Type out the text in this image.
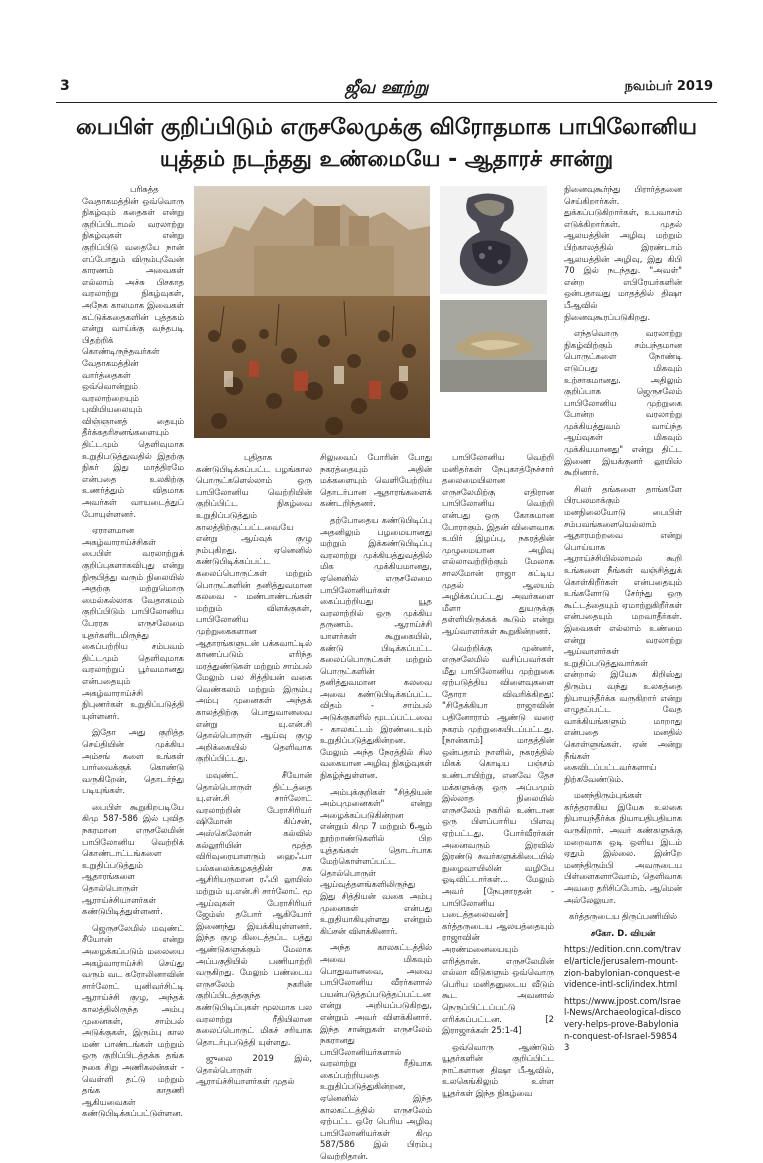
3	ஜீவ ஊற்று	நவம்பர் 2019
பைபிள் குறிப்பிடும் எருசலேமுக்கு விரோதமாக பாபிலோனிய
யுத்தம் நடந்தது உண்மையே - ஆதாரச் சான்று

பரிசுத்த வேதாகமத்தின் ஒவ்வொரு நிகழ்வும் கதைகள் என்று குறிப்பிடாமல் வரலாற்று நிகழ்வுகள் என்று குறிப்பிடு வதையே நான் எப்போதும் விரும்புவேன் காரணம் அவைகள் எல்லாம் அச்சு பிசகாத வரலாற்று நிகழ்வுகள், அநேக காலமாக இவைகள் கட்டுக்கதைகளின் புத்தகம் என்று வாய்க்கு வந்தபடி பிதற்றிக் கொண்டிருந்தவர்கள் வேதாகமத்தின் வார்த்தைகள் ஒவ்வொன்றும் வரலாற்றையும் புவியியலையும் விஞ்ஞானத் தையும் தீர்க்கதரிசனங்களையும் திட்டமும் தெளிவுமாக உறுதிபடுத்துவதில் இதற்கு நிகர் இது மாத்திரமே என்பதை உலகிற்கு உணர்த்தும் விதமாக அவர்கள் வாயடைத்துப் போயுள்ளனர்.

ஏராளமான அகழ்வாராய்ச்சிகள் பைபிள் வரலாற்றுக் குறிப்புகளாகவிபுது என்று நிரூபித்து வரும் நிலையில் அதற்கு மற்றுமொரு மைல்கல்லாக வேதாகமம் குறிப்பிடும் பாபிலோனிய பேரரசு எருசலேமை யுதர்களிடமிருந்து கைப்பற்றிய சம்பவம் திட்டமும் தெளிவுமாக வரலாற்றுப் பூர்வமானது என்பதையும் அகழ்வாராய்ச்சி நிபுணர்கள் உறுதிப்படுத்தி யுள்ளனர்.

இதோ அது குறித்த செய்தியின் முக்கிய அம்சங் களை உங்கள் பார்வைக்குக் கொண்டு வருகிறேன், தொடர்ந்து படியுங்கள்.

பைபிள் கூறுகிறபடியே கிமு 587-586 இல் புவித நகரமான எருசலேமின் பாபிலோனிய வெற்றிக் கொண்டாட்டங்களை உறுதிப்படுத்தும் ஆதாரங்களை தொல்பொருள் ஆராய்ச்சியாளர்கள் கண்டுபிடித்துள்ளனர்.

ஜெருசலேமில் மவுண்ட் சீயோன் என்று அழைக்கப்படும் மலையை அகழ்வாராய்ச்சி செய்து வரும் வட கரோலினாவின் சார்லோட் யுனிவர்சிட்டி ஆராய்ச்சி குழு, அந்தக் காலத்திலிருந்த அம்பு முனைகள், சாம்பல் அடுக்குகள், இரும்பு கால மண் பாண்டங்கள் மற்றும் ஒரு குறிப்பிடத்தக்க தங்க நகை சிறு அணிகலன்கள் - வெள்ளி தட்டு மற்றும் தங்க காதணி ஆகியவைகள் கண்டுபிடிக்கப்பட்டுள்ளன.

புதிதாக கண்டுபிடிக்கப்பட்ட பழங்கால பொருட்களெல்லாம் ஒரு பாபிலோனிய வெற்றியின் குறிப்பிட்ட நிகழ்வை உறுதிப்படுத்தும் காலத்திற்குட்பட்டவையே என்று ஆய்வுக் குழு நம்புகிறது. ஏனெனில் கண்டுபிடிக்கப்பட்ட கலைப்பொருட்கள் மற்றும் பொருட்களின் தனித்துவமான கலவை - மண்பாண்டங்கள் மற்றும் விளக்குகள், பாபிலோனிய முற்றுகைகளான ஆதாரங்களுடன் பக்கவாட்டில் காணப்படும் எரிந்த மரத்துண்டுகள் மற்றும் சாம்பல் மேலும் பல சித்தியன் வகை வெண்கலம் மற்றும் இரும்பு அம்பு முனைகள் அந்தக் காலத்திற்கு பொதுவானவை என்று யு.என்.சி தொல்பொருள் ஆய்வு குழு அறிக்கையில் தெளிவாக குறிப்பிட்டது.

மவுண்ட் சீயோன் தொல்பொருள் திட்டத்தை யு.என்.சி சார்லோட் வரலாற்றின் பேராசிரியர் ஷிமோன் கிப்சன், அஸ்கெலோன் கல்வில் கல்லூரியின் மூத்த விரிவுரையாளரும் ஹைஃபா பல்கலைக்கழகத்தின் சக ஆசிரியருமான ரஃபி லூயிஸ் மற்றும் யு.என்.சி சார்லோட் மூ ஆய்வுகள் பேராசிரியர் ஜேம்ஸ் தபோர் ஆகியோர் இணைந்து இயக்கியுள்ளனர். இந்த குழு கிடைத்தப்ட பத்து ஆண்டுகளுக்கும் மேலாக அப்பகுதியில் பணியாற்றி வருகிறது. மேலும் பண்டைய எருசலேம் நகரின் குறிப்பிடத்தகுந்த கண்டுபிடிப்புகள் மூலமாக பல வரலாற்று ரீதியிலான கலைப்பொருட் மிகச் சரியாக தொடர்புபடுத்தி யுள்ளது.

ஜுலை 2019 இல், தொல்பொருள் ஆராய்ச்சியாளர்கள் முதல்

சிலுவைப் போரின் போது நகரத்தையும் அதின் மக்களையும் வெளியேற்றிய தொடர்பான ஆதாரங்களைக் கண்டறிந்தனர்.

தற்போதைய கண்டுபிடிப்பு அதனிலும் பழமையானது மற்றும் இக்கண்டுபிடிப்பு வரலாற்று முக்கியத்துவத்தில் மிக முக்கியமானது, ஏனெனில் எருசலேமை பாபிலோனியர்கள் கைப்பற்றியது யூத வரலாற்றில் ஒரு முக்கிய தருணம். ஆராய்ச்சி யாளர்கள் கூறுகையில், கண்டு பிடிக்கப்பட்ட கலைப்பொருட்கள் மற்றும் பொருட்களின் தனித்துவமான கலவை அவை கண்டுபிடிக்கப்பட்ட விதம் - சாம்பல் அடுக்குகளில் மூடப்பட்டவை - காலகட்டம் இரண்டையும் உறுதிப்படுத்துகின்றன. மேலும் அந்த நேரத்தில் சில வகையான அழிவு நிகழ்வுகள் நிகழ்ந்துள்ளன.

அம்புக்குறிகள் "சித்தியன் அம்புமுனைகள்" என்று அழைக்கப்படுகின்றன என்றும் கிமு 7 மற்றும் 6ஆம் நூற்றாண்டுகளில் பிற யுத்தங்கள் தொடர்பாக மேற்கொள்ளப்பட்ட தொல்பொருள் ஆய்வுத்தளங்களிலிருந்து இது சித்தியன் வகை அம்பு முனைகள் என்பது உறுதியாகியுள்ளது என்றும் கிப்சன் விளக்கினார்.

அந்த காலகட்டத்தில் அவை மிகவும் பொதுவானவை, அவை பாபிலோனிய வீரர்களால் பயன்படுத்தப்படுத்தப்பட்டன என்று அறியப்படுகிறது, என்றும் அவர் விளக்கினார். இந்த சான்றுகள் எருசலேம் நகரானது பாபிலோனியர்களால் வரலாற்று ரீதியாக கைப்பற்றியதை உறுதிப்படுத்துகின்றன, ஏனெனில் இந்த காலகட்டத்தில் எருசலேம் ஏற்பட்ட ஒரே பெரிய அழிவு பாபிலோனியர்கள் கிமு 587/586 இல் பிரம்பு வெற்றிதான்.

பாபிலோனிய வெற்றி மனிதர்கள் நேபுகாத்நேச்சார் தலைமையிலான எருசலேமிற்கு எதிரான பாபிலோனிய வெற்றி என்பது ஒரு கோசுமான போராகும். இதன் விளைவாக உயிர் இழப்பு, நகரத்தின் முழுமையான அழிவு எல்லாவற்றிற்கும் மேலாக சாலமோன் ராஜா கட்டிய முதல் ஆலயம் அழிக்கப்பட்டது அவர்களை மீளா துயருக்கு தள்ளியிருக்கக் கூடும் என்று ஆய்வாளர்கள் கூறுகின்றனர்.

வெற்றிக்கு முன்னர், எருசலேமில் வசிப்பவர்கள் மீது பாபிலோனிய முற்றுகை ஏற்படுத்திய விளைவுகளை தோரா விவரிக்கிறது: "சிதேக்கியா ராஜாவின் பதினோராம் ஆண்டு வரை நகரம் முற்றுகையிடப்பட்டது. [நான்காம்] மாதத்தின் ஒன்பதாம் நாளில், நகரத்தில் மிகக் கொடிய பஞ்சம் உண்டாயிற்று, எனவே தேச மக்களுக்கு ஒரு அப்பமும் இல்லாத நிலையில் எருசலேம் நகரில் உண்டான ஒரு பிளப்பாரிய பிளவு ஏற்பட்டது. போர்வீரர்கள் அனைவரும் இரவில் இரண்டு சுவர்களுக்கிடையில் நுழைவாயிலின் வழியே ஓடிவிட்டார்கள்... மேலும் அவர் [நேபுசாரதன் - பாபிலோனிய படைத்தலைவன்] கர்த்தருடைய ஆலயத்தையும் ராஜாவின் அரண்மனையையும் எரித்தான். எருசலேமின் எல்லா வீடுகளும் ஒவ்வொரு பெரிய மனிதனுடைய வீடும் கூட அவனால் நெருப்பிட்டப்பட்டு எரிக்கப்பட்டன. [2 இராஜாக்கள் 25:1-4]

ஒவ்வொரு ஆண்டும் யூதர்களின் குறிப்பிட்ட நாட்களான திஷா பீஆவில், உலகெங்கிலும் உள்ள யூதர்கள் இந்த நிகழ்வை

நினைவுகூர்ந்து பிரார்த்தனை செய்கிறார்கள். துக்கப்படுகிறார்கள், உபவாசம் எடுக்கிறார்கள். முதல் ஆலயத்தின் அழிவு மற்றும் பிற்காலத்தில் இரண்டாம் ஆலயத்தின் அழிவு, இது கிபி 70 இல் நடந்தது. "அவள்" என்ற எபிரேயர்களின் ஒன்பதாவது மாதத்தில் திஷா பீஆவில் நினைவுகூரப்படுகிறது.

எந்தவொரு வரலாற்று நிகழ்விற்கும் சம்பந்தமான பொருட்களை நோண்டி எடுப்பது மிகவும் உற்சாகமானது. அதிலும் குறிப்பாக ஜெருசலேம் பாபிலோனிய முற்றுகை போன்ற வரலாற்று முக்கியத்துவம் வாய்ந்த ஆய்வுகள் மிகவும் முக்கியமானது" என்று திட்ட இணை இயக்குனர் லூயிஸ் கூறினார்.

சிலர் தங்களை தாங்களே பிரபலமாக்கும் மனநிலையோடு பைபிள் சம்பவங்களையெல்லாம் ஆதாரமற்றவை என்று பொய்யாக ஆராய்ச்சியில்லாமல் கூறி உங்களை நீங்கள் வஞ்சித்துக் கொள்கிறீர்கள் என்பதையும் உங்களோடு சேர்ந்து ஒரு கூட்டத்தையும் ஏமாற்றுகிறீர்கள் என்பதையும் மறவாதீர்கள். இவைகள் எல்லாம் உண்மை என்று வரலாற்று ஆய்வாளர்கள் உறுதிப்படுத்துவார்கள் என்றால் இயேசு கிறிஸ்து திரும்ப வந்து உலகத்தை நியாயந்தீர்க்க வருகிறார் என்று எழுதப்பட்ட வேத வாக்கியங்களும் மாறாது என்பதை மனதில் கொள்ளுங்கள். ஏன் அன்று நீங்கள் கைவிடப்பட்டவர்களாய் நிற்கவேண்டும்.

மனந்திரும்புங்கள் கர்த்தராகிய இயேசு உலகை நியாயந்தீர்க்க நியாயதிபதியாக வருகிறார். அவர் கண்களுக்கு மறைவாக ஒடி ஒளிய இடம் ஏதும் இல்லை. இன்றே மனந்திரும்பி அவருடைய பிள்ளைகளாவோம், தெளிவாக அவரை தரிசிப்போம். ஆமென் அல்லேலுயா.

கர்த்தருடைய திருப்பணியில்

சகோ. D. வியன்

https://edition.cnn.com/travel/article/jerusalem-mount-zion-babylonian-conquest-evidence-intl-scli/index.html

https://www.jpost.com/Israel-News/Archaeological-discovery-helps-prove-Babylonian-conquest-of-Israel-598543
